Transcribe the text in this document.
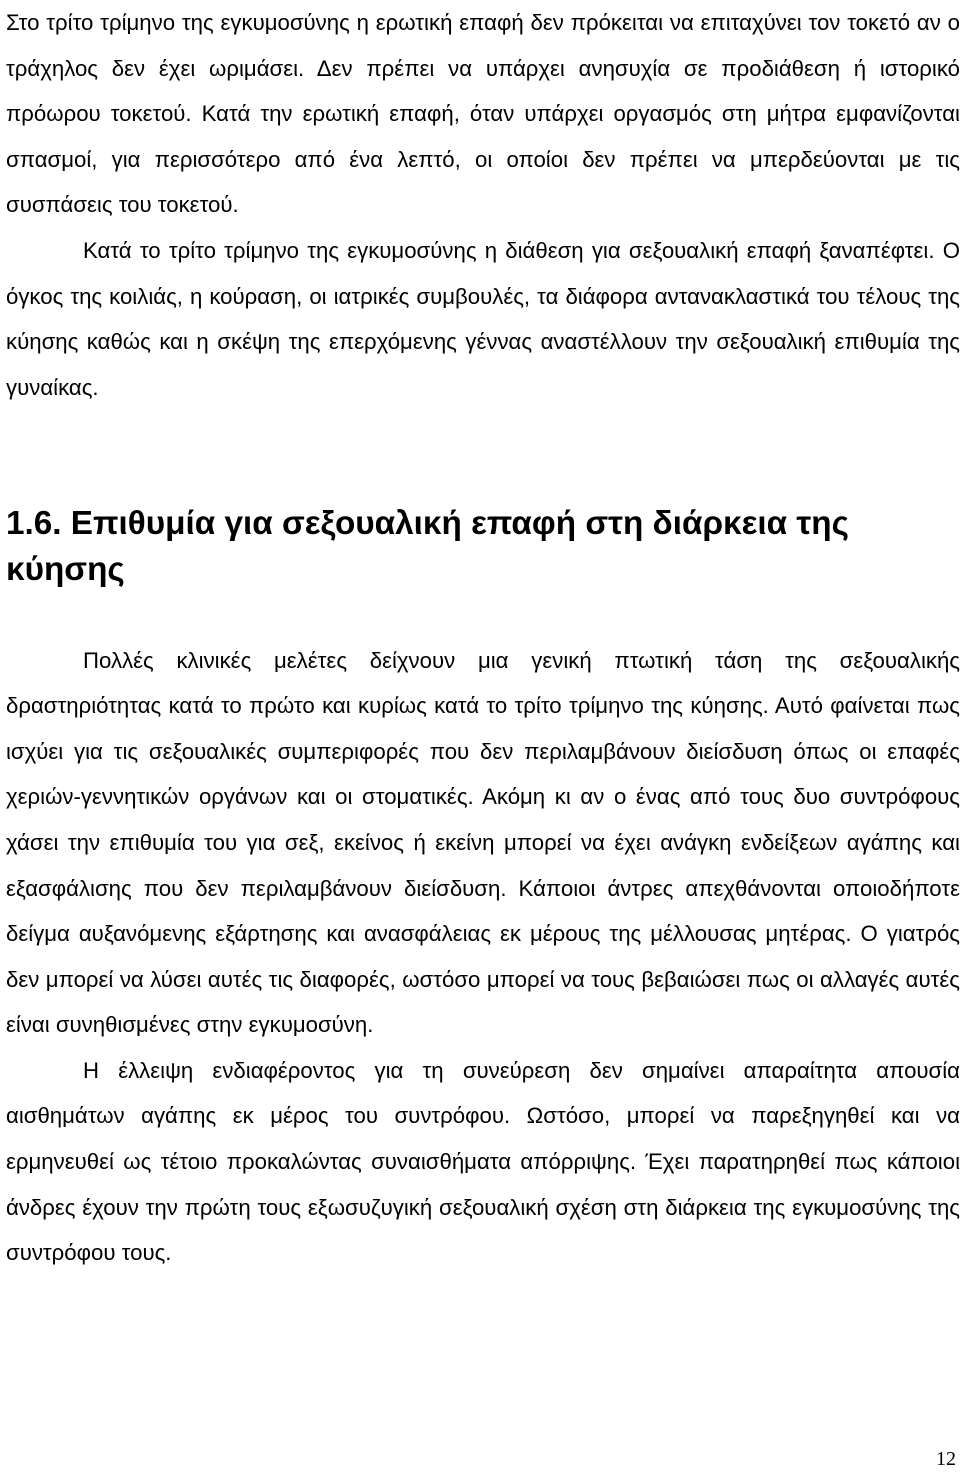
Στο τρίτο τρίμηνο της εγκυμοσύνης η ερωτική επαφή δεν πρόκειται να επιταχύνει τον τοκετό αν ο τράχηλος δεν έχει ωριμάσει. Δεν πρέπει να υπάρχει ανησυχία σε προδιάθεση ή ιστορικό πρόωρου τοκετού. Κατά την ερωτική επαφή, όταν υπάρχει οργασμός στη μήτρα εμφανίζονται σπασμοί, για περισσότερο από ένα λεπτό, οι οποίοι δεν πρέπει να μπερδεύονται με τις συσπάσεις του τοκετού.

Κατά το τρίτο τρίμηνο της εγκυμοσύνης η διάθεση για σεξουαλική επαφή ξαναπέφτει. Ο όγκος της κοιλιάς, η κούραση, οι ιατρικές συμβουλές, τα διάφορα αντανακλαστικά του τέλους της κύησης καθώς και η σκέψη της επερχόμενης γέννας αναστέλλουν την σεξουαλική επιθυμία της γυναίκας.

1.6. Επιθυμία για σεξουαλική επαφή στη διάρκεια της κύησης

Πολλές κλινικές μελέτες δείχνουν μια γενική πτωτική τάση της σεξουαλικής δραστηριότητας κατά το πρώτο και κυρίως κατά το τρίτο τρίμηνο της κύησης. Αυτό φαίνεται πως ισχύει για τις σεξουαλικές συμπεριφορές που δεν περιλαμβάνουν διείσδυση όπως οι επαφές χεριών-γεννητικών οργάνων και οι στοματικές. Ακόμη κι αν ο ένας από τους δυο συντρόφους χάσει την επιθυμία του για σεξ, εκείνος ή εκείνη μπορεί να έχει ανάγκη ενδείξεων αγάπης και εξασφάλισης που δεν περιλαμβάνουν διείσδυση. Κάποιοι άντρες απεχθάνονται οποιοδήποτε δείγμα αυξανόμενης εξάρτησης και ανασφάλειας εκ μέρους της μέλλουσας μητέρας. Ο γιατρός δεν μπορεί να λύσει αυτές τις διαφορές, ωστόσο μπορεί να τους βεβαιώσει πως οι αλλαγές αυτές είναι συνηθισμένες στην εγκυμοσύνη.

Η έλλειψη ενδιαφέροντος για τη συνεύρεση δεν σημαίνει απαραίτητα απουσία αισθημάτων αγάπης εκ μέρος του συντρόφου. Ωστόσο, μπορεί να παρεξηγηθεί και να ερμηνευθεί ως τέτοιο προκαλώντας συναισθήματα απόρριψης. Έχει παρατηρηθεί πως κάποιοι άνδρες έχουν την πρώτη τους εξωσυζυγική σεξουαλική σχέση στη διάρκεια της εγκυμοσύνης της συντρόφου τους.

12
